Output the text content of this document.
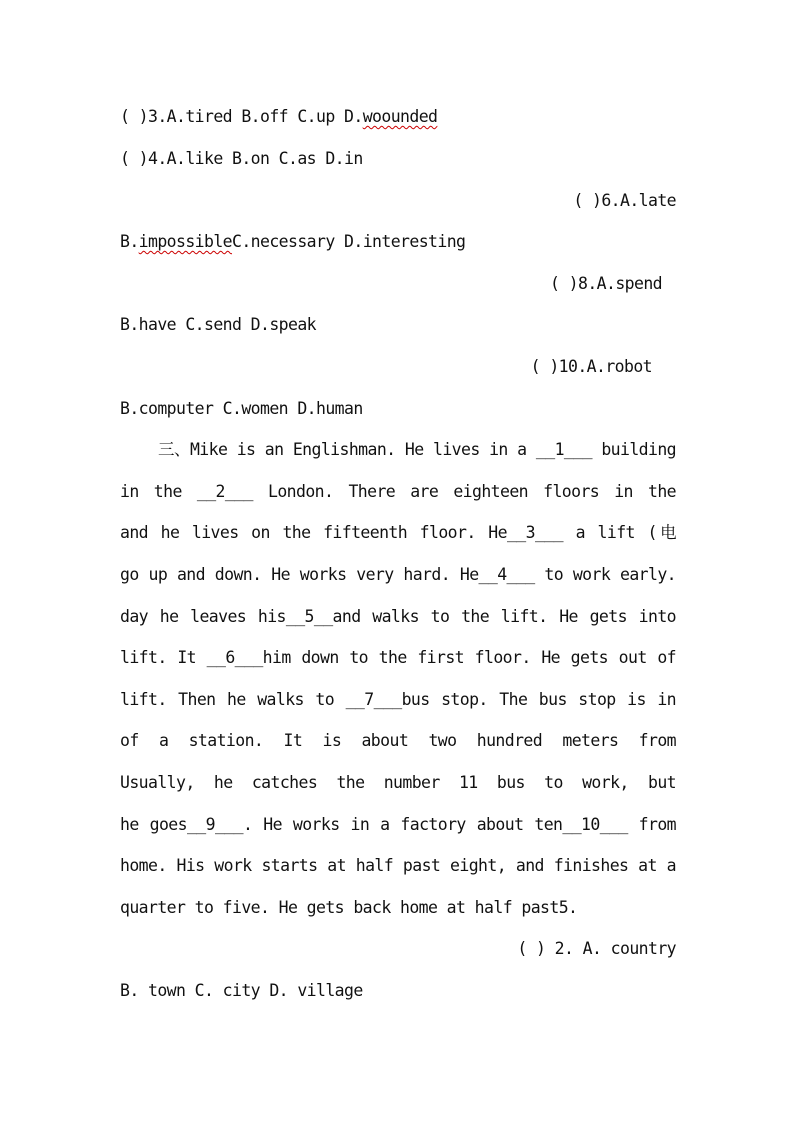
( )3.A.tired B.off C.up D.woounded
( )4.A.like B.on C.as D.in

( )6.A.late

B.impossibleC.necessary D.interesting

( )8.A.spend

B.have C.send D.speak

( )10.A.robot

B.computer C.women D.human
三、Mike is an Englishman. He lives in a __1___ building
in the __2___ London. There are eighteen floors in the
and he lives on the fifteenth floor. He__3___ a lift (电
go up and down. He works very hard. He__4___ to work early.
day he leaves his__5__and walks to the lift. He gets into
lift. It __6___him down to the first floor. He gets out of
lift. Then he walks to __7___bus stop. The bus stop is in
of a station. It is about two hundred meters from
Usually, he catches the number 11 bus to work, but
he goes__9___. He works in a factory about ten__10___ from
home. His work starts at half past eight, and finishes at a
quarter to five. He gets back home at half past5.

( ) 2. A. country

B. town C. city D. village
